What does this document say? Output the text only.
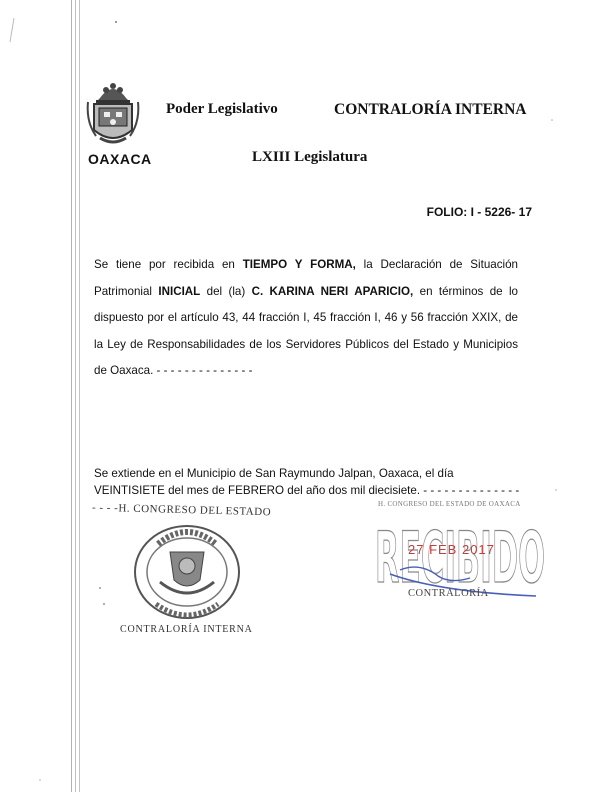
OAXACA
Poder Legislativo	CONTRALORÍA INTERNA
LXIII Legislatura
FOLIO: I - 5226- 17
Se tiene por recibida en TIEMPO Y FORMA, la Declaración de Situación Patrimonial INICIAL del (la) C. KARINA NERI APARICIO, en términos de lo dispuesto por el artículo 43, 44 fracción I, 45 fracción I, 46 y 56 fracción XXIX, de la Ley de Responsabilidades de los Servidores Públicos del Estado y Municipios de Oaxaca. - - - - - - - - - - - - - -
Se extiende en el Municipio de San Raymundo Jalpan, Oaxaca, el día
VEINTISIETE del mes de FEBRERO del año dos mil diecisiete. - - - - - - - - - - - - - -
- - - -H. CONGRESO DEL ESTADO
CONTRALORÍA INTERNA
RECIBIDO
H. CONGRESO DEL ESTADO DE OAXACA
27 FEB 2017
CONTRALORÍA
